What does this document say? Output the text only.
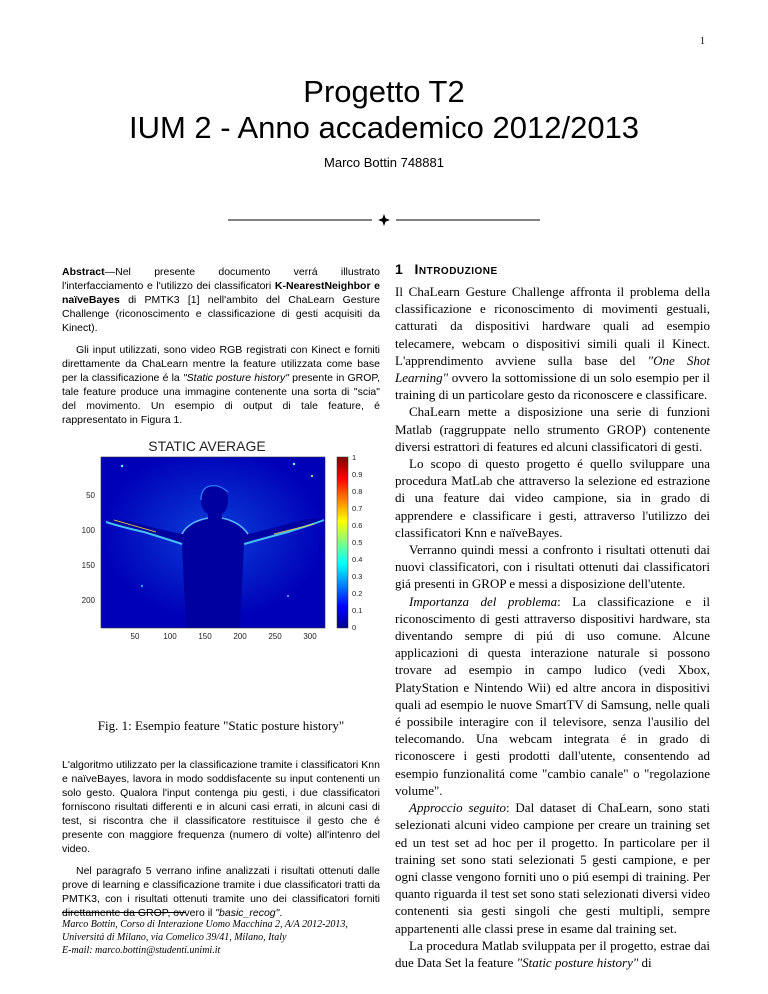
1
Progetto T2
IUM 2 - Anno accademico 2012/2013
Marco Bottin 748881

Abstract—Nel presente documento verrá illustrato l'interfacciamento e l'utilizzo dei classificatori K-NearestNeighbor e naïveBayes di PMTK3 [1] nell'ambito del ChaLearn Gesture Challenge (riconoscimento e classificazione di gesti acquisiti da Kinect).

Gli input utilizzati, sono video RGB registrati con Kinect e forniti direttamente da ChaLearn mentre la feature utilizzata come base per la classificazione é la "Static posture history" presente in GROP, tale feature produce una immagine contenente una sorta di "scia" del movimento. Un esempio di output di tale feature, é rappresentato in Figura 1.

STATIC AVERAGE
50	100	150	200	250	300
50
100
150
200
1
0.9
0.8
0.7
0.6
0.5
0.4
0.3
0.2
0.1
0
Fig. 1: Esempio feature "Static posture history"

L'algoritmo utilizzato per la classificazione tramite i classificatori Knn e naïveBayes, lavora in modo soddisfacente su input contenenti un solo gesto. Qualora l'input contenga piu gesti, i due classificatori forniscono risultati differenti e in alcuni casi errati, in alcuni casi di test, si riscontra che il classificatore restituisce il gesto che é presente con maggiore frequenza (numero di volte) all'intenro del video.

Nel paragrafo 5 verrano infine analizzati i risultati ottenuti dalle prove di learning e classificazione tramite i due classificatori tratti da PMTK3, con i risultati ottenuti tramite uno dei classificatori forniti direttamente da GROP, ovvero il "basic_recog".

Marco Bottin, Corso di Interazione Uomo Macchina 2, A/A 2012-2013,
Universitá di Milano, via Comelico 39/41, Milano, Italy
E-mail: marco.bottin@studenti.unimi.it
1 Introduzione

Il ChaLearn Gesture Challenge affronta il problema della classificazione e riconoscimento di movimenti gestuali, catturati da dispositivi hardware quali ad esempio telecamere, webcam o dispositivi simili quali il Kinect. L'apprendimento avviene sulla base del "One Shot Learning" ovvero la sottomissione di un solo esempio per il training di un particolare gesto da riconoscere e classificare.

ChaLearn mette a disposizione una serie di funzioni Matlab (raggruppate nello strumento GROP) contenente diversi estrattori di features ed alcuni classificatori di gesti.

Lo scopo di questo progetto é quello sviluppare una procedura MatLab che attraverso la selezione ed estrazione di una feature dai video campione, sia in grado di apprendere e classificare i gesti, attraverso l'utilizzo dei classificatori Knn e naïveBayes.

Verranno quindi messi a confronto i risultati ottenuti dai nuovi classificatori, con i risultati ottenuti dai classificatori giá presenti in GROP e messi a disposizione dell'utente.

Importanza del problema: La classificazione e il riconoscimento di gesti attraverso dispositivi hardware, sta diventando sempre di piú di uso comune. Alcune applicazioni di questa interazione naturale si possono trovare ad esempio in campo ludico (vedi Xbox, PlatyStation e Nintendo Wii) ed altre ancora in dispositivi quali ad esempio le nuove SmartTV di Samsung, nelle quali é possibile interagire con il televisore, senza l'ausilio del telecomando. Una webcam integrata é in grado di riconoscere i gesti prodotti dall'utente, consentendo ad esempio funzionalitá come "cambio canale" o "regolazione volume".

Approccio seguito: Dal dataset di ChaLearn, sono stati selezionati alcuni video campione per creare un training set ed un test set ad hoc per il progetto. In particolare per il training set sono stati selezionati 5 gesti campione, e per ogni classe vengono forniti uno o piú esempi di training. Per quanto riguarda il test set sono stati selezionati diversi video contenenti sia gesti singoli che gesti multipli, sempre appartenenti alle classi prese in esame dal training set.

La procedura Matlab sviluppata per il progetto, estrae dai due Data Set la feature "Static posture history" di
